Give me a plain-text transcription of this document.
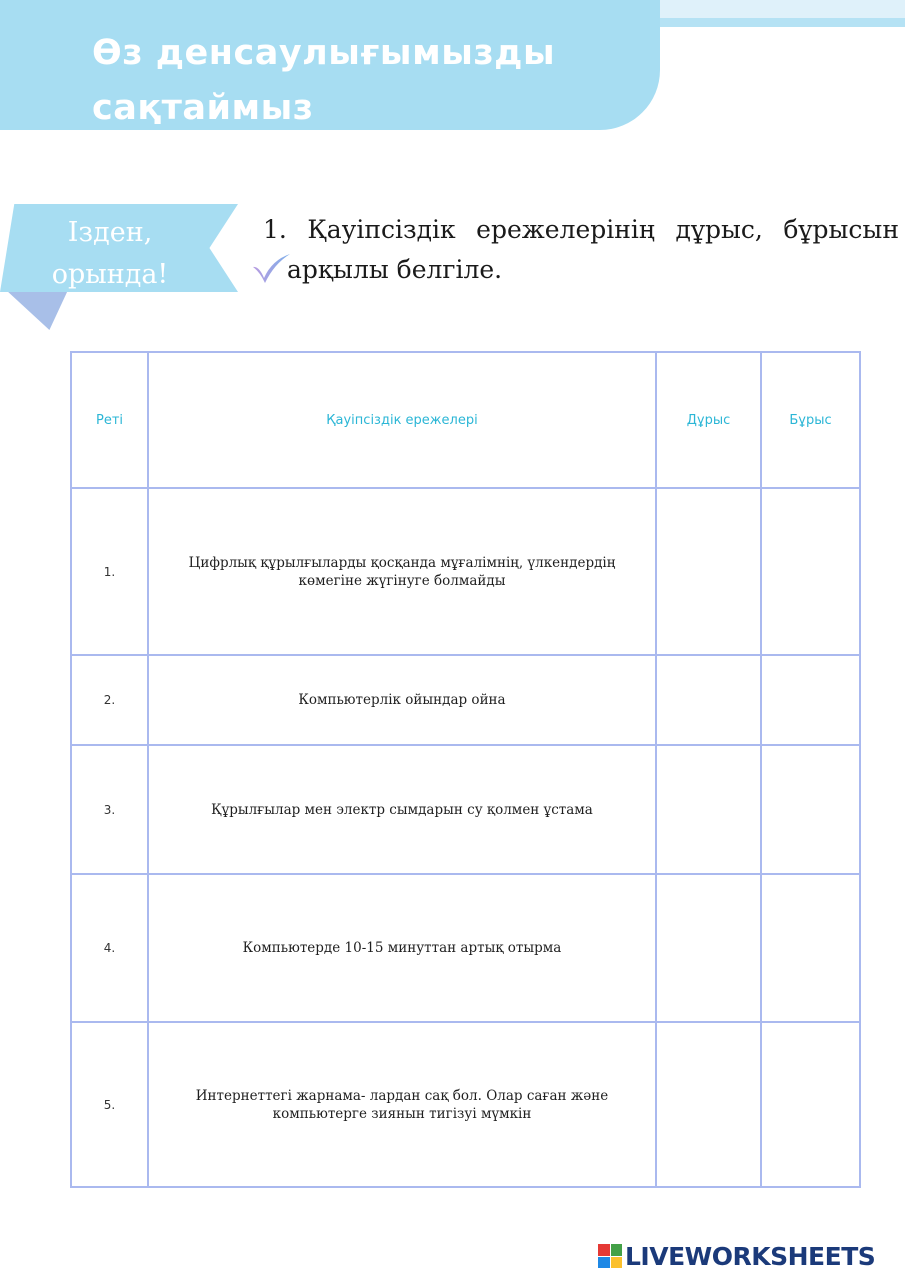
Өз денсаулығымызды
сақтаймыз
Ізден,
орында!
1. Қауіпсіздік ережелерінің дұрыс, бұрысын
арқылы белгіле.
Реті	Қауіпсіздік ережелері	Дұрыс	Бұрыс
1.	Цифрлық құрылғыларды қосқанда мұғалімнің, үлкендердің көмегіне жүгінуге болмайды		
2.	Компьютерлік ойындар ойна		
3.	Құрылғылар мен электр сымдарын су қолмен ұстама		
4.	Компьютерде 10-15 минуттан артық отырма		
5.	Интернеттегі жарнама- лардан сақ бол. Олар саған және компьютерге зиянын тигізуі мүмкін		
LIVEWORKSHEETS
